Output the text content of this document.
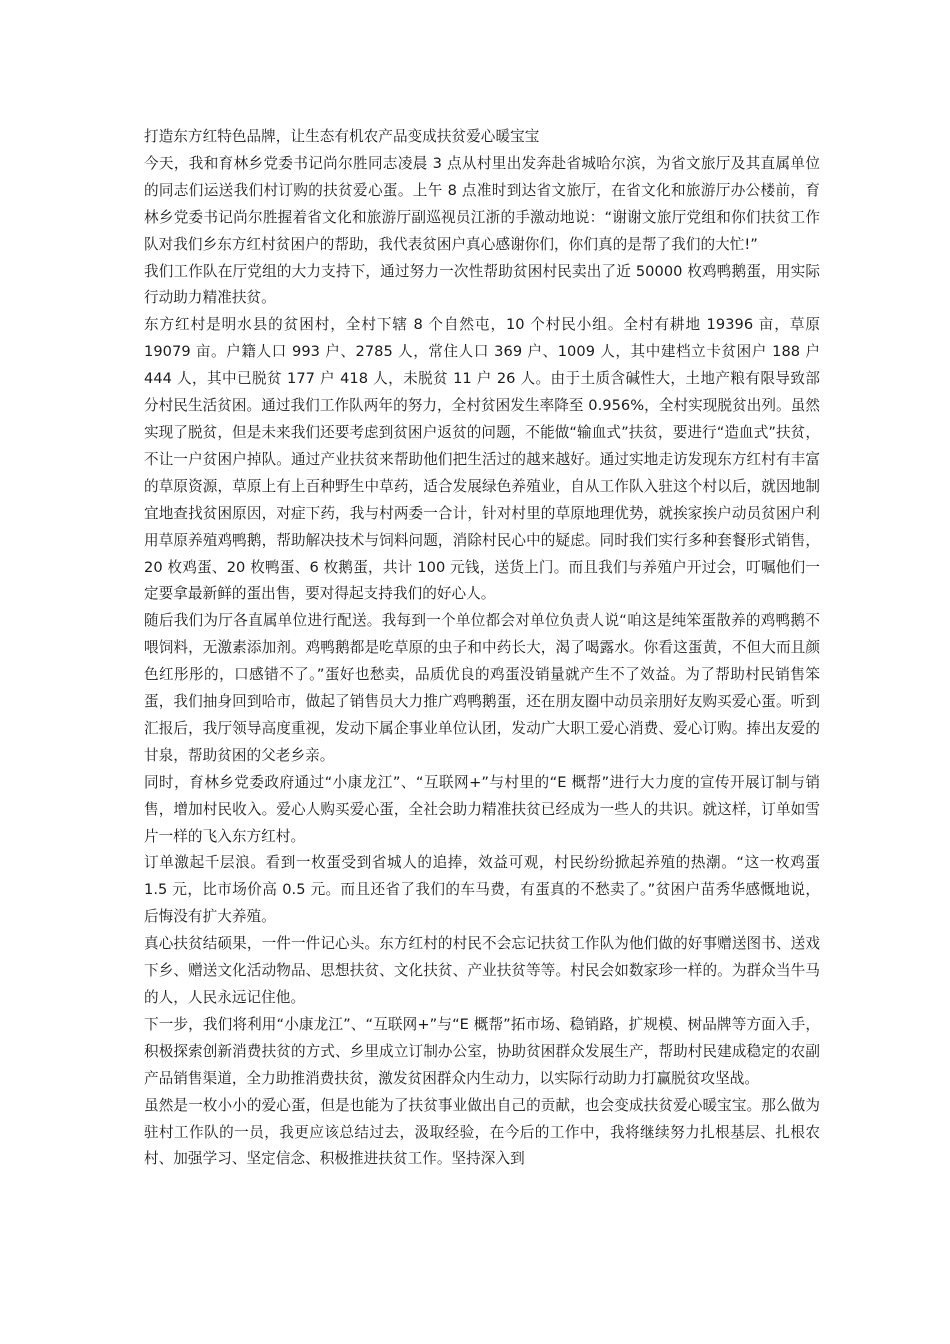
打造东方红特色品牌，让生态有机农产品变成扶贫爱心暖宝宝

今天，我和育林乡党委书记尚尔胜同志凌晨 3 点从村里出发奔赴省城哈尔滨，为省文旅厅及其直属单位的同志们运送我们村订购的扶贫爱心蛋。上午 8 点准时到达省文旅厅，在省文化和旅游厅办公楼前，育林乡党委书记尚尔胜握着省文化和旅游厅副巡视员江浙的手激动地说：“谢谢文旅厅党组和你们扶贫工作队对我们乡东方红村贫困户的帮助，我代表贫困户真心感谢你们，你们真的是帮了我们的大忙!”

我们工作队在厅党组的大力支持下，通过努力一次性帮助贫困村民卖出了近 50000 枚鸡鸭鹅蛋，用实际行动助力精准扶贫。

东方红村是明水县的贫困村，全村下辖 8 个自然屯，10 个村民小组。全村有耕地 19396 亩，草原 19079 亩。户籍人口 993 户、2785 人，常住人口 369 户、1009 人，其中建档立卡贫困户 188 户 444 人，其中已脱贫 177 户 418 人，未脱贫 11 户 26 人。由于土质含碱性大，土地产粮有限导致部分村民生活贫困。通过我们工作队两年的努力，全村贫困发生率降至 0.956%，全村实现脱贫出列。虽然实现了脱贫，但是未来我们还要考虑到贫困户返贫的问题，不能做“输血式”扶贫，要进行“造血式”扶贫，不让一户贫困户掉队。通过产业扶贫来帮助他们把生活过的越来越好。通过实地走访发现东方红村有丰富的草原资源，草原上有上百种野生中草药，适合发展绿色养殖业，自从工作队入驻这个村以后，就因地制宜地查找贫困原因，对症下药，我与村两委一合计，针对村里的草原地理优势，就挨家挨户动员贫困户利用草原养殖鸡鸭鹅，帮助解决技术与饲料问题，消除村民心中的疑虑。同时我们实行多种套餐形式销售，20 枚鸡蛋、20 枚鸭蛋、6 枚鹅蛋，共计 100 元钱，送货上门。而且我们与养殖户开过会，叮嘱他们一定要拿最新鲜的蛋出售，要对得起支持我们的好心人。

随后我们为厅各直属单位进行配送。我每到一个单位都会对单位负责人说“咱这是纯笨蛋散养的鸡鸭鹅不喂饲料，无激素添加剂。鸡鸭鹅都是吃草原的虫子和中药长大，渴了喝露水。你看这蛋黄，不但大而且颜色红彤彤的，口感错不了。”蛋好也愁卖，品质优良的鸡蛋没销量就产生不了效益。为了帮助村民销售笨蛋，我们抽身回到哈市，做起了销售员大力推广鸡鸭鹅蛋，还在朋友圈中动员亲朋好友购买爱心蛋。听到汇报后，我厅领导高度重视，发动下属企事业单位认团，发动广大职工爱心消费、爱心订购。捧出友爱的甘泉，帮助贫困的父老乡亲。

同时，育林乡党委政府通过“小康龙江”、“互联网+”与村里的“E 概帮”进行大力度的宣传开展订制与销售，增加村民收入。爱心人购买爱心蛋，全社会助力精准扶贫已经成为一些人的共识。就这样，订单如雪片一样的飞入东方红村。

订单激起千层浪。看到一枚蛋受到省城人的追捧，效益可观，村民纷纷掀起养殖的热潮。“这一枚鸡蛋 1.5 元，比市场价高 0.5 元。而且还省了我们的车马费，有蛋真的不愁卖了。”贫困户苗秀华感慨地说，后悔没有扩大养殖。

真心扶贫结硕果，一件一件记心头。东方红村的村民不会忘记扶贫工作队为他们做的好事赠送图书、送戏下乡、赠送文化活动物品、思想扶贫、文化扶贫、产业扶贫等等。村民会如数家珍一样的。为群众当牛马的人，人民永远记住他。

下一步，我们将利用“小康龙江”、“互联网+”与“E 概帮”拓市场、稳销路，扩规模、树品牌等方面入手，积极探索创新消费扶贫的方式、乡里成立订制办公室，协助贫困群众发展生产，帮助村民建成稳定的农副产品销售渠道，全力助推消费扶贫，激发贫困群众内生动力，以实际行动助力打赢脱贫攻坚战。

虽然是一枚小小的爱心蛋，但是也能为了扶贫事业做出自己的贡献，也会变成扶贫爱心暖宝宝。那么做为驻村工作队的一员，我更应该总结过去，汲取经验，在今后的工作中，我将继续努力扎根基层、扎根农村、加强学习、坚定信念、积极推进扶贫工作。坚持深入到
